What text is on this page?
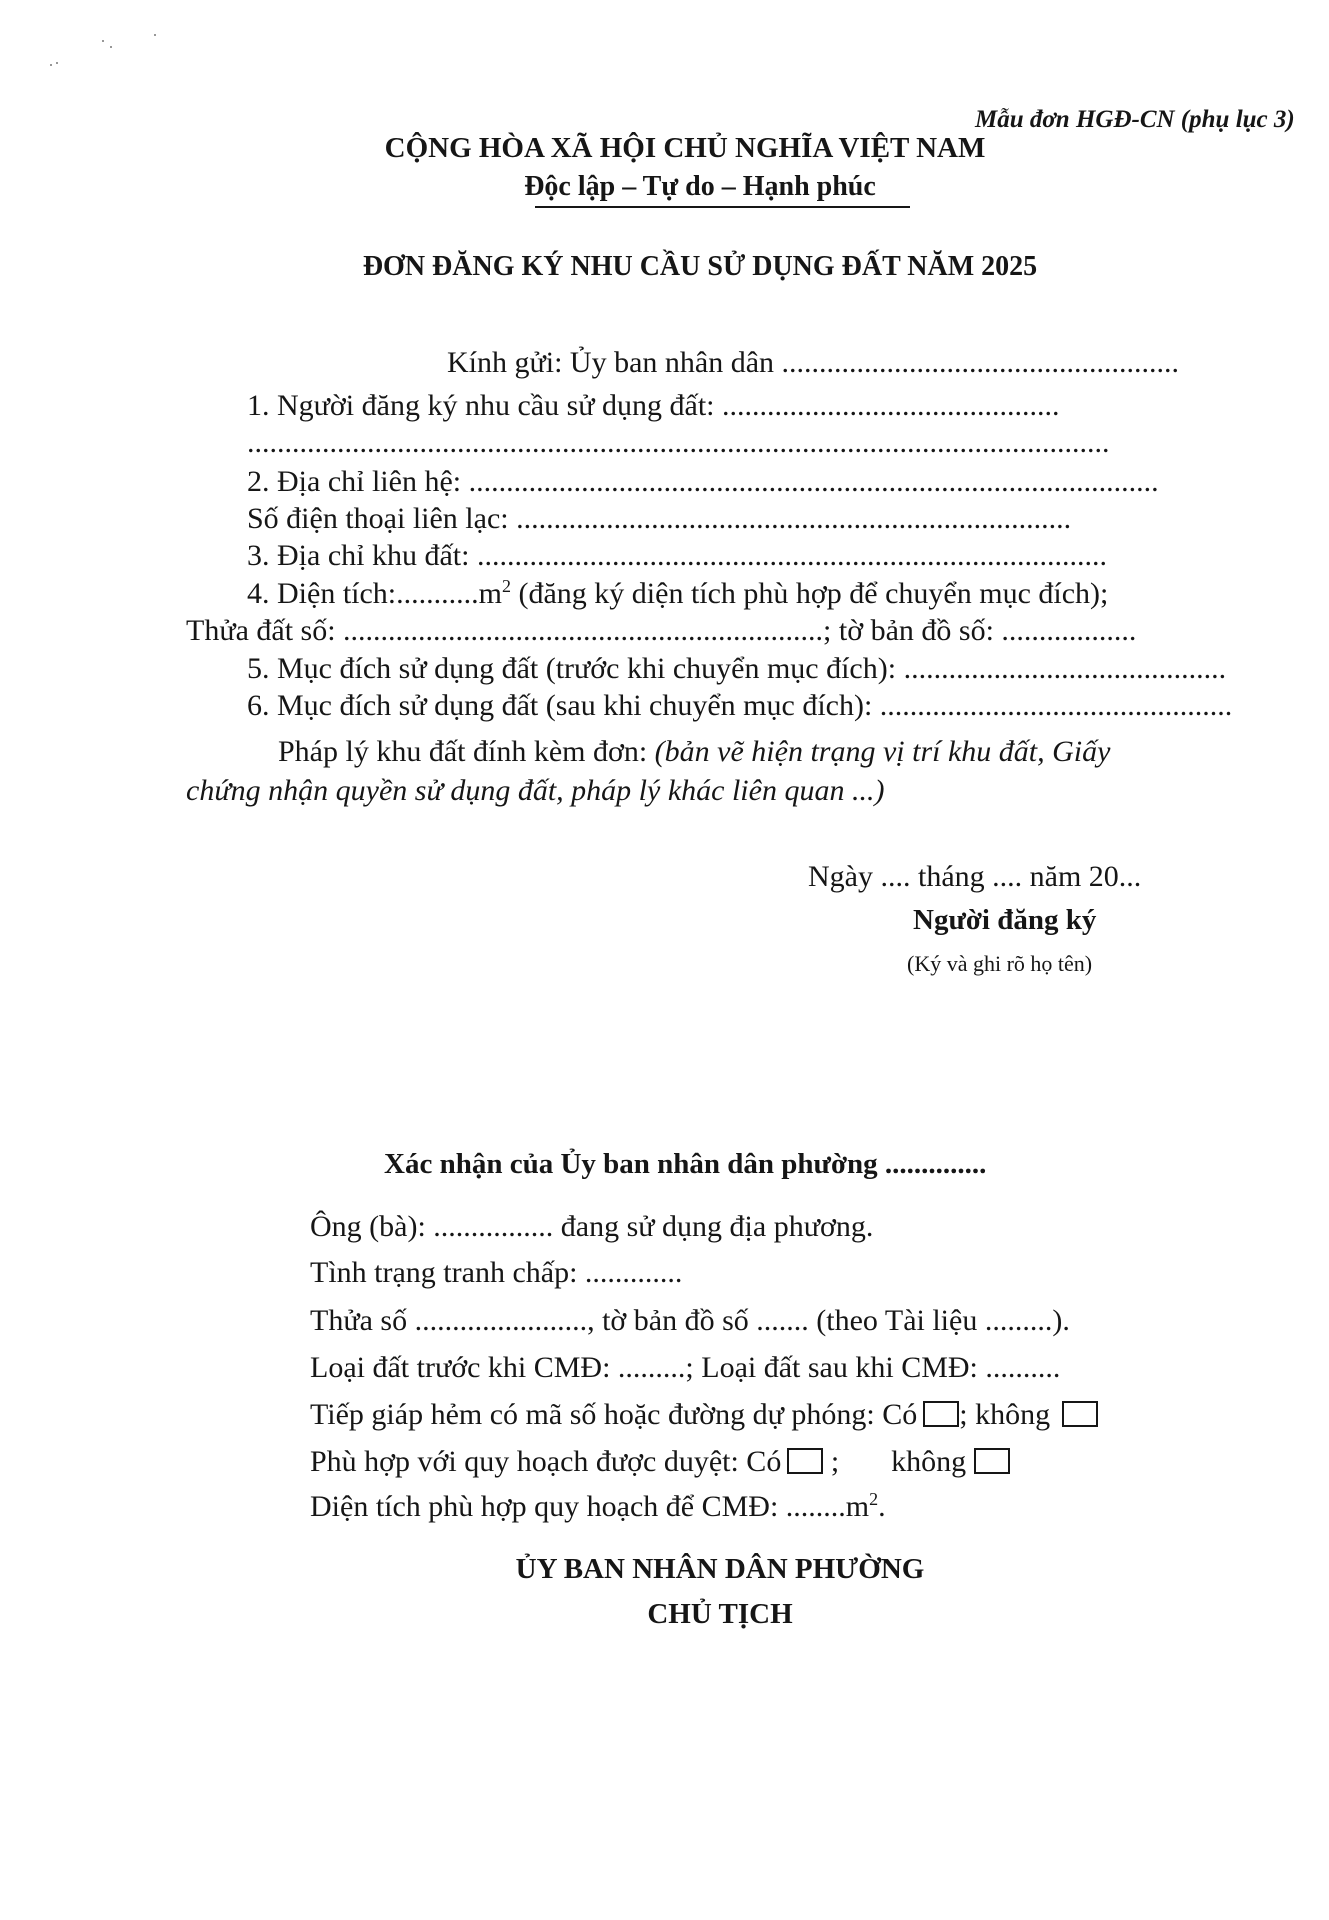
Mẫu đơn HGĐ-CN (phụ lục 3)
CỘNG HÒA XÃ HỘI CHỦ NGHĨA VIỆT NAM
Độc lập – Tự do – Hạnh phúc
ĐƠN ĐĂNG KÝ NHU CẦU SỬ DỤNG ĐẤT NĂM 2025
Kính gửi: Ủy ban nhân dân .....................................................
1. Người đăng ký nhu cầu sử dụng đất: .............................................
...................................................................................................................
2. Địa chỉ liên hệ: ............................................................................................
Số điện thoại liên lạc: ..........................................................................
3. Địa chỉ khu đất: ....................................................................................
4. Diện $tích:...........m^2$ (đăng ký diện tích phù hợp để chuyển mục đích);
Thửa đất số: ................................................................; tờ bản đồ số: ..................
5. Mục đích sử dụng đất (trước khi chuyển mục đích): ...........................................
6. Mục đích sử dụng đất (sau khi chuyển mục đích): ...............................................
Pháp lý khu đất đính kèm đơn: (bản vẽ hiện trạng vị trí khu đất, Giấy
chứng nhận quyền sử dụng đất, pháp lý khác liên quan ...)
Ngày .... tháng .... năm 20...
Người đăng ký
(Ký và ghi rõ họ tên)
Xác nhận của Ủy ban nhân dân phường ..............
Ông (bà): ................ đang sử dụng địa phương.
Tình trạng tranh chấp: .............
Thửa số ......................., tờ bản đồ số ....... (theo Tài liệu .........).
Loại đất trước khi CMĐ: .........; Loại đất sau khi CMĐ: ..........
Tiếp giáp hẻm có mã số hoặc đường dự phóng: Có ; không
Phù hợp với quy hoạch được duyệt: Có ; không
Diện tích phù hợp quy hoạch để CMĐ: $........m^2$.
ỦY BAN NHÂN DÂN PHƯỜNG
CHỦ TỊCH
